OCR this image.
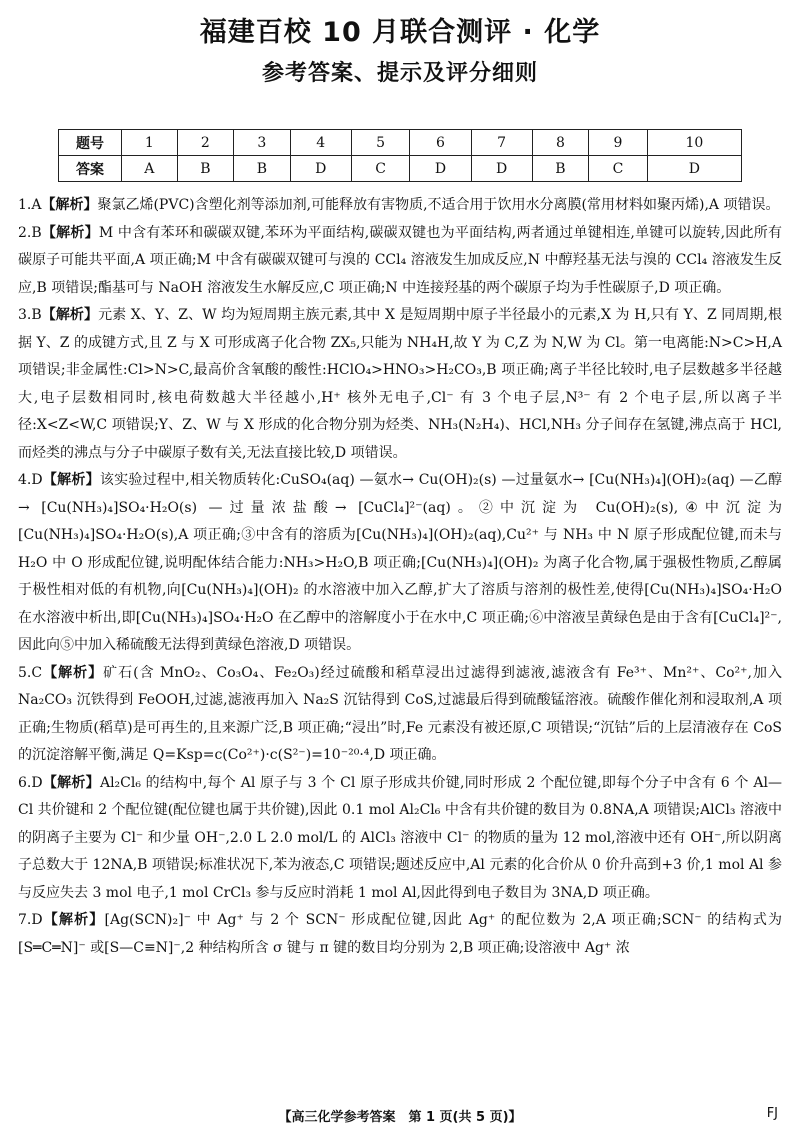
福建百校 10 月联合测评 · 化学
参考答案、提示及评分细则
题号	1	2	3	4	5	6	7	8	9	10
答案	A	B	B	D	C	D	D	B	C	D

1.A【解析】聚氯乙烯(PVC)含塑化剂等添加剂,可能释放有害物质,不适合用于饮用水分离膜(常用材料如聚丙烯),A 项错误。

2.B【解析】M 中含有苯环和碳碳双键,苯环为平面结构,碳碳双键也为平面结构,两者通过单键相连,单键可以旋转,因此所有碳原子可能共平面,A 项正确;M 中含有碳碳双键可与溴的 CCl₄ 溶液发生加成反应,N 中醇羟基无法与溴的 CCl₄ 溶液发生反应,B 项错误;酯基可与 NaOH 溶液发生水解反应,C 项正确;N 中连接羟基的两个碳原子均为手性碳原子,D 项正确。

3.B【解析】元素 X、Y、Z、W 均为短周期主族元素,其中 X 是短周期中原子半径最小的元素,X 为 H,只有 Y、Z 同周期,根据 Y、Z 的成键方式,且 Z 与 X 可形成离子化合物 ZX₅,只能为 NH₄H,故 Y 为 C,Z 为 N,W 为 Cl。第一电离能:N>C>H,A 项错误;非金属性:Cl>N>C,最高价含氧酸的酸性:HClO₄>HNO₃>H₂CO₃,B 项正确;离子半径比较时,电子层数越多半径越大,电子层数相同时,核电荷数越大半径越小,H⁺ 核外无电子,Cl⁻ 有 3 个电子层,N³⁻ 有 2 个电子层,所以离子半径:X<Z<W,C 项错误;Y、Z、W 与 X 形成的化合物分别为烃类、NH₃(N₂H₄)、HCl,NH₃ 分子间存在氢键,沸点高于 HCl,而烃类的沸点与分子中碳原子数有关,无法直接比较,D 项错误。

4.D【解析】该实验过程中,相关物质转化:CuSO₄(aq) —氨水→ Cu(OH)₂(s) —过量氨水→ [Cu(NH₃)₄](OH)₂(aq) —乙醇→ [Cu(NH₃)₄]SO₄·H₂O(s) —过量浓盐酸→ [CuCl₄]²⁻(aq)。②中沉淀为 Cu(OH)₂(s),④中沉淀为[Cu(NH₃)₄]SO₄·H₂O(s),A 项正确;③中含有的溶质为[Cu(NH₃)₄](OH)₂(aq),Cu²⁺ 与 NH₃ 中 N 原子形成配位键,而未与 H₂O 中 O 形成配位键,说明配体结合能力:NH₃>H₂O,B 项正确;[Cu(NH₃)₄](OH)₂ 为离子化合物,属于强极性物质,乙醇属于极性相对低的有机物,向[Cu(NH₃)₄](OH)₂ 的水溶液中加入乙醇,扩大了溶质与溶剂的极性差,使得[Cu(NH₃)₄]SO₄·H₂O 在水溶液中析出,即[Cu(NH₃)₄]SO₄·H₂O 在乙醇中的溶解度小于在水中,C 项正确;⑥中溶液呈黄绿色是由于含有[CuCl₄]²⁻,因此向⑤中加入稀硫酸无法得到黄绿色溶液,D 项错误。

5.C【解析】矿石(含 MnO₂、Co₃O₄、Fe₂O₃)经过硫酸和稻草浸出过滤得到滤液,滤液含有 Fe³⁺、Mn²⁺、Co²⁺,加入 Na₂CO₃ 沉铁得到 FeOOH,过滤,滤液再加入 Na₂S 沉钴得到 CoS,过滤最后得到硫酸锰溶液。硫酸作催化剂和浸取剂,A 项正确;生物质(稻草)是可再生的,且来源广泛,B 项正确;“浸出”时,Fe 元素没有被还原,C 项错误;“沉钴”后的上层清液存在 CoS 的沉淀溶解平衡,满足 Q=Ksp=c(Co²⁺)·c(S²⁻)=10⁻²⁰·⁴,D 项正确。

6.D【解析】Al₂Cl₆ 的结构中,每个 Al 原子与 3 个 Cl 原子形成共价键,同时形成 2 个配位键,即每个分子中含有 6 个 Al—Cl 共价键和 2 个配位键(配位键也属于共价键),因此 0.1 mol Al₂Cl₆ 中含有共价键的数目为 0.8NA,A 项错误;AlCl₃ 溶液中的阴离子主要为 Cl⁻ 和少量 OH⁻,2.0 L 2.0 mol/L 的 AlCl₃ 溶液中 Cl⁻ 的物质的量为 12 mol,溶液中还有 OH⁻,所以阴离子总数大于 12NA,B 项错误;标准状况下,苯为液态,C 项错误;题述反应中,Al 元素的化合价从 0 价升高到+3 价,1 mol Al 参与反应失去 3 mol 电子,1 mol CrCl₃ 参与反应时消耗 1 mol Al,因此得到电子数目为 3NA,D 项正确。

7.D【解析】[Ag(SCN)₂]⁻ 中 Ag⁺ 与 2 个 SCN⁻ 形成配位键,因此 Ag⁺ 的配位数为 2,A 项正确;SCN⁻ 的结构式为[S═C═N]⁻ 或[S—C≡N]⁻,2 种结构所含 σ 键与 π 键的数目均分别为 2,B 项正确;设溶液中 Ag⁺ 浓

【高三化学参考答案　第 1 页(共 5 页)】	FJ
